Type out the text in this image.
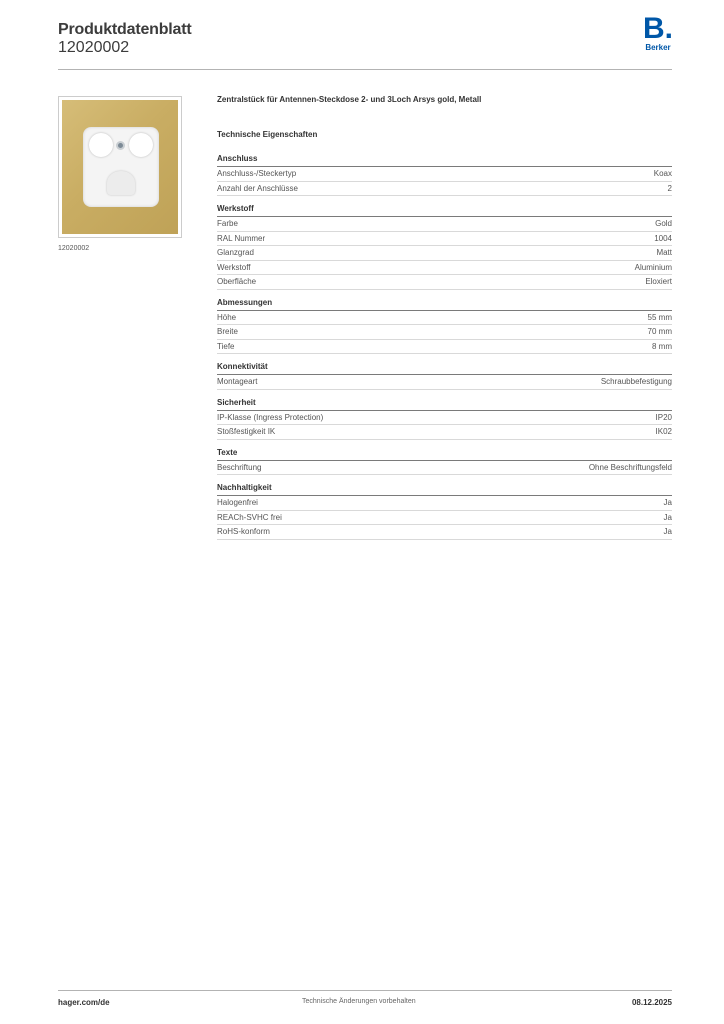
Produktdatenblatt
12020002
B.
Berker
12020002
Zentralstück für Antennen-Steckdose 2- und 3Loch Arsys gold, Metall
Technische Eigenschaften
Anschluss
Anschluss-/Steckertyp	Koax
Anzahl der Anschlüsse	2
Werkstoff
Farbe	Gold
RAL Nummer	1004
Glanzgrad	Matt
Werkstoff	Aluminium
Oberfläche	Eloxiert
Abmessungen
Höhe	55 mm
Breite	70 mm
Tiefe	8 mm
Konnektivität
Montageart	Schraubbefestigung
Sicherheit
IP-Klasse (Ingress Protection)	IP20
Stoßfestigkeit IK	IK02
Texte
Beschriftung	Ohne Beschriftungsfeld
Nachhaltigkeit
Halogenfrei	Ja
REACh-SVHC frei	Ja
RoHS-konform	Ja
hager.com/de	Technische Änderungen vorbehalten	08.12.2025
